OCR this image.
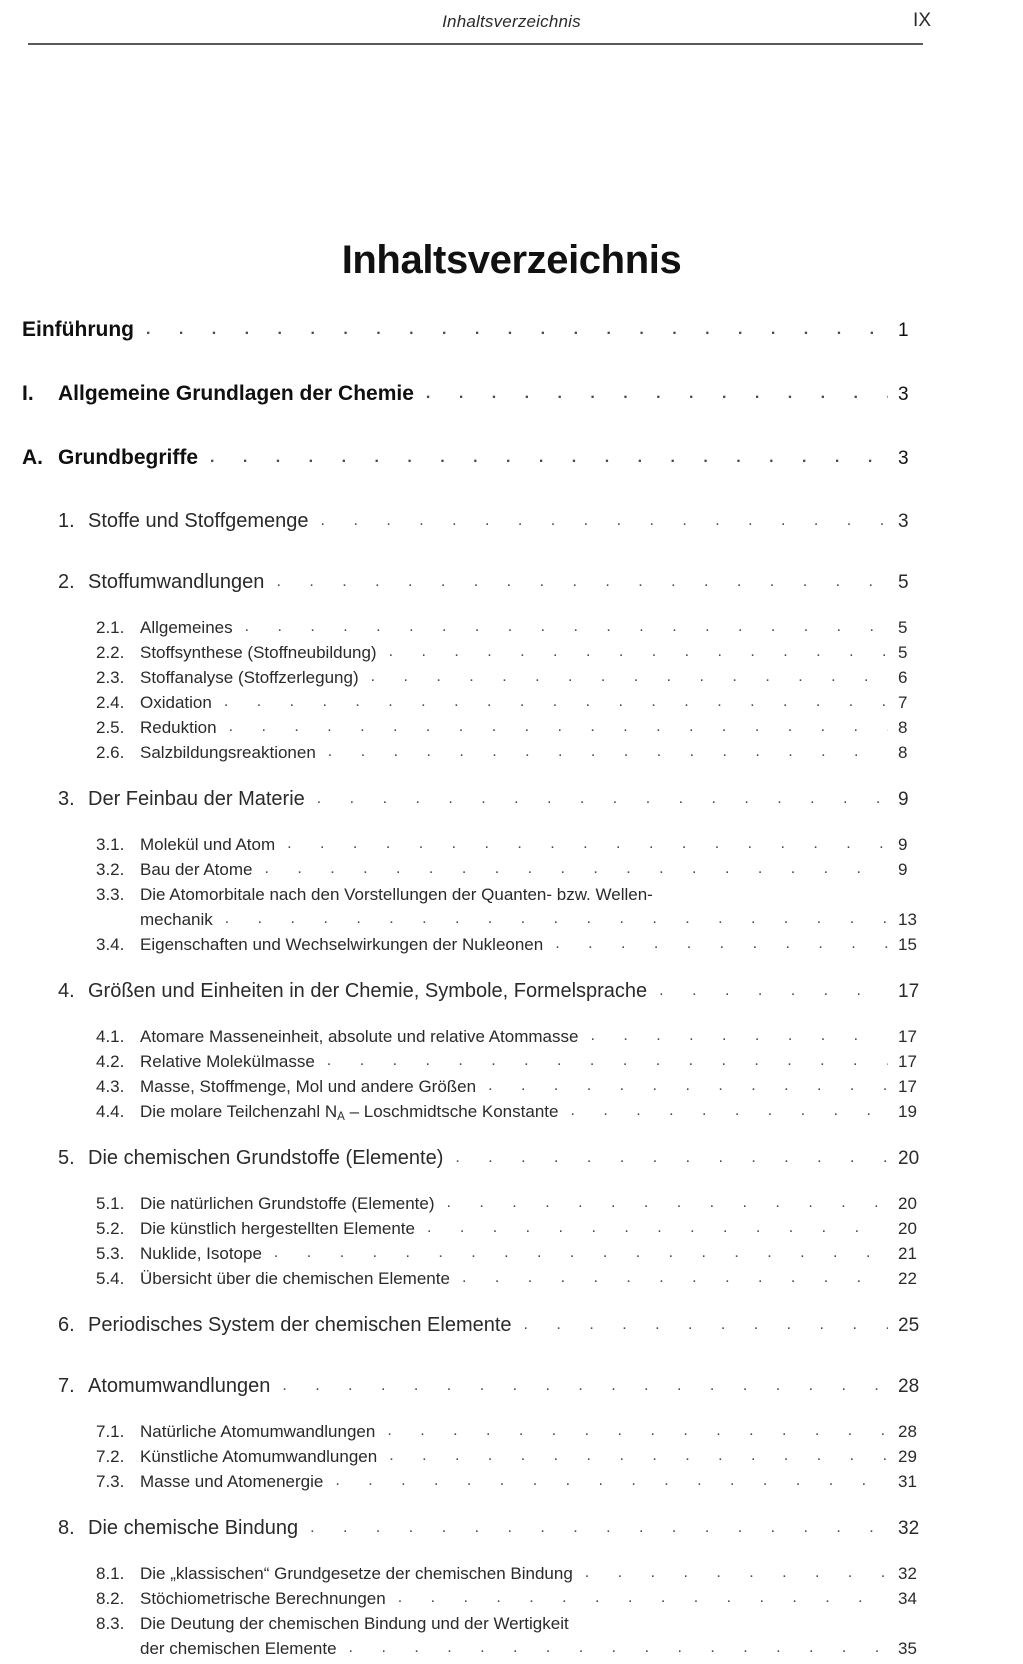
Inhaltsverzeichnis	IX
Inhaltsverzeichnis
Einführung . . .	1
I.	Allgemeine Grundlagen der Chemie . . .	3
A. Grundbegriffe . . .	3
1. Stoffe und Stoffgemenge . . .	3
2. Stoffumwandlungen . . .	5
2.1. Allgemeines . . .	5
2.2. Stoffsynthese (Stoffneubildung) . . .	5
2.3. Stoffanalyse (Stoffzerlegung) . . .	6
2.4. Oxidation . . .	7
2.5. Reduktion . . .	8
2.6. Salzbildungsreaktionen . . .	8
3. Der Feinbau der Materie . . .	9
3.1. Molekül und Atom . . .	9
3.2. Bau der Atome . . .	9
3.3. Die Atomorbitale nach den Vorstellungen der Quanten- bzw. Wellen-
mechanik . . .	13
3.4. Eigenschaften und Wechselwirkungen der Nukleonen . . .	15
4. Größen und Einheiten in der Chemie, Symbole, Formelsprache . . .	17
4.1. Atomare Masseneinheit, absolute und relative Atommasse . . .	17
4.2. Relative Molekülmasse . . .	17
4.3. Masse, Stoffmenge, Mol und andere Größen . . .	17
4.4. Die molare Teilchenzahl $N_A$ – Loschmidtsche Konstante . . .	19
5. Die chemischen Grundstoffe (Elemente) . . .	20
5.1. Die natürlichen Grundstoffe (Elemente) . . .	20
5.2. Die künstlich hergestellten Elemente . . .	20
5.3. Nuklide, Isotope . . .	21
5.4. Übersicht über die chemischen Elemente . . .	22
6. Periodisches System der chemischen Elemente . . .	25
7. Atomumwandlungen . . .	28
7.1. Natürliche Atomumwandlungen . . .	28
7.2. Künstliche Atomumwandlungen . . .	29
7.3. Masse und Atomenergie . . .	31
8. Die chemische Bindung . . .	32
8.1. Die „klassischen“ Grundgesetze der chemischen Bindung . . .	32
8.2. Stöchiometrische Berechnungen . . .	34
8.3. Die Deutung der chemischen Bindung und der Wertigkeit
der chemischen Elemente . . .	35
